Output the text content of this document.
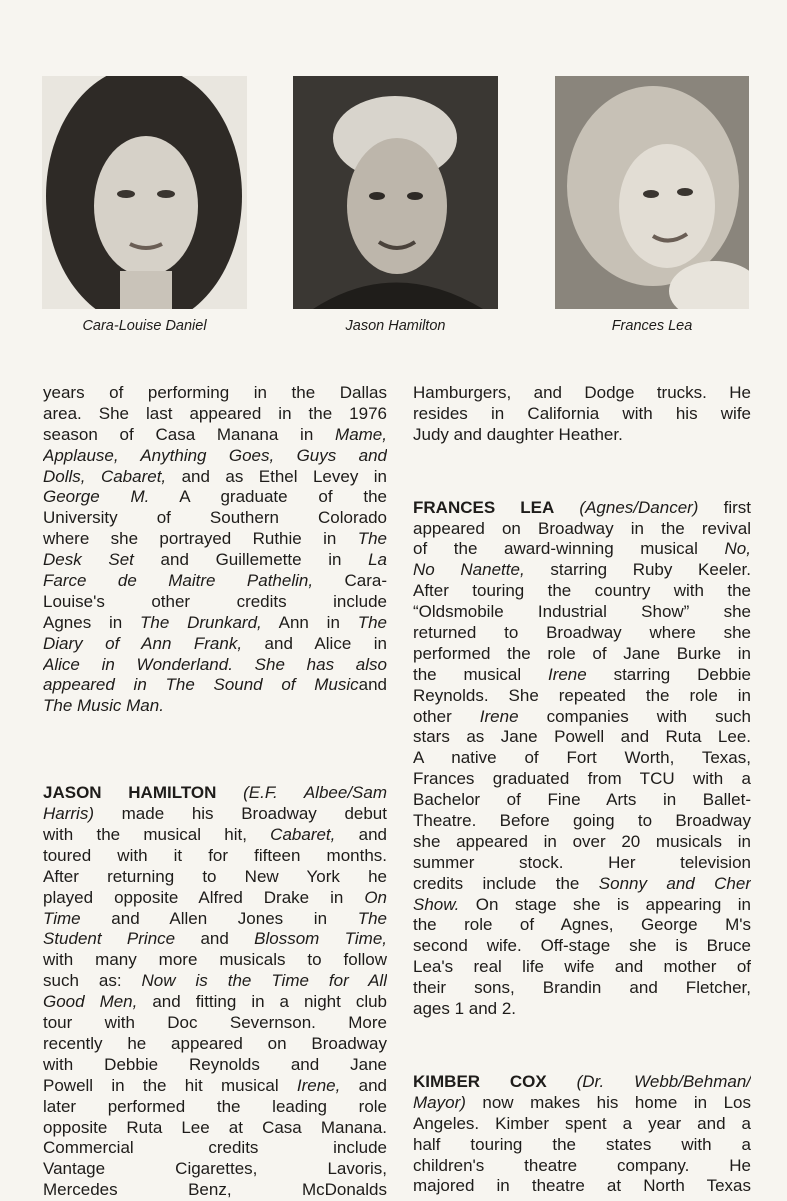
Cara-Louise Daniel	Jason Hamilton	Frances Lea
years of performing in the Dallas
area. She last appeared in the 1976
season of Casa Manana in Mame,
Applause, Anything Goes, Guys and
Dolls, Cabaret, and as Ethel Levey in
George M. A graduate of the
University of Southern Colorado
where she portrayed Ruthie in The
Desk Set and Guillemette in La
Farce de Maitre Pathelin, Cara-
Louise's other credits include
Agnes in The Drunkard, Ann in The
Diary of Ann Frank, and Alice in
Alice in Wonderland. She has also
appeared in The Sound of Musicand
The Music Man.
JASON HAMILTON (E.F. Albee/Sam
Harris) made his Broadway debut
with the musical hit, Cabaret, and
toured with it for fifteen months.
After returning to New York he
played opposite Alfred Drake in On
Time and Allen Jones in The
Student Prince and Blossom Time,
with many more musicals to follow
such as: Now is the Time for All
Good Men, and fitting in a night club
tour with Doc Severnson. More
recently he appeared on Broadway
with Debbie Reynolds and Jane
Powell in the hit musical Irene, and
later performed the leading role
opposite Ruta Lee at Casa Manana.
Commercial credits include
Vantage Cigarettes, Lavoris,
Mercedes Benz, McDonalds
Hamburgers, and Dodge trucks. He
resides in California with his wife
Judy and daughter Heather.
FRANCES LEA (Agnes/Dancer) first
appeared on Broadway in the revival
of the award-winning musical No,
No Nanette, starring Ruby Keeler.
After touring the country with the
“Oldsmobile Industrial Show” she
returned to Broadway where she
performed the role of Jane Burke in
the musical Irene starring Debbie
Reynolds. She repeated the role in
other Irene companies with such
stars as Jane Powell and Ruta Lee.
A native of Fort Worth, Texas,
Frances graduated from TCU with a
Bachelor of Fine Arts in Ballet-
Theatre. Before going to Broadway
she appeared in over 20 musicals in
summer stock. Her television
credits include the Sonny and Cher
Show. On stage she is appearing in
the role of Agnes, George M's
second wife. Off-stage she is Bruce
Lea's real life wife and mother of
their sons, Brandin and Fletcher,
ages 1 and 2.
KIMBER COX (Dr. Webb/Behman/
Mayor) now makes his home in Los
Angeles. Kimber spent a year and a
half touring the states with a
children's theatre company. He
majored in theatre at North Texas
